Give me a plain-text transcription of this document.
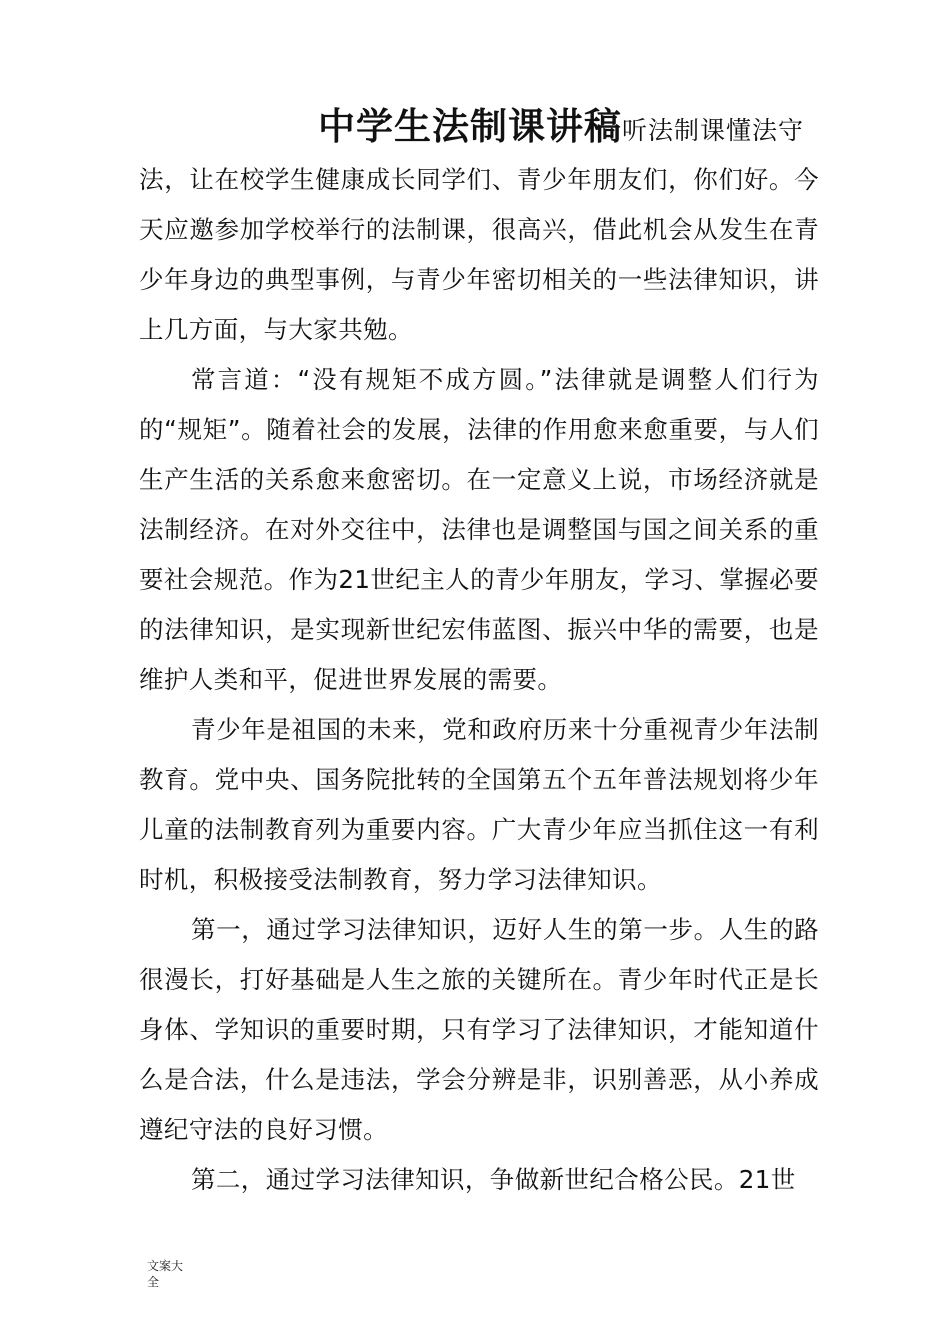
中学生法制课讲稿听法制课懂法守

法，让在校学生健康成长同学们、青少年朋友们，你们好。今天应邀参加学校举行的法制课，很高兴，借此机会从发生在青少年身边的典型事例，与青少年密切相关的一些法律知识，讲上几方面，与大家共勉。

常言道：“没有规矩不成方圆。”法律就是调整人们行为的“规矩”。随着社会的发展，法律的作用愈来愈重要，与人们生产生活的关系愈来愈密切。在一定意义上说，市场经济就是法制经济。在对外交往中，法律也是调整国与国之间关系的重要社会规范。作为21世纪主人的青少年朋友，学习、掌握必要的法律知识，是实现新世纪宏伟蓝图、振兴中华的需要，也是维护人类和平，促进世界发展的需要。

青少年是祖国的未来，党和政府历来十分重视青少年法制教育。党中央、国务院批转的全国第五个五年普法规划将少年儿童的法制教育列为重要内容。广大青少年应当抓住这一有利时机，积极接受法制教育，努力学习法律知识。

第一，通过学习法律知识，迈好人生的第一步。人生的路很漫长，打好基础是人生之旅的关键所在。青少年时代正是长身体、学知识的重要时期，只有学习了法律知识，才能知道什么是合法，什么是违法，学会分辨是非，识别善恶，从小养成遵纪守法的良好习惯。

第二，通过学习法律知识，争做新世纪合格公民。21世

文案大全
